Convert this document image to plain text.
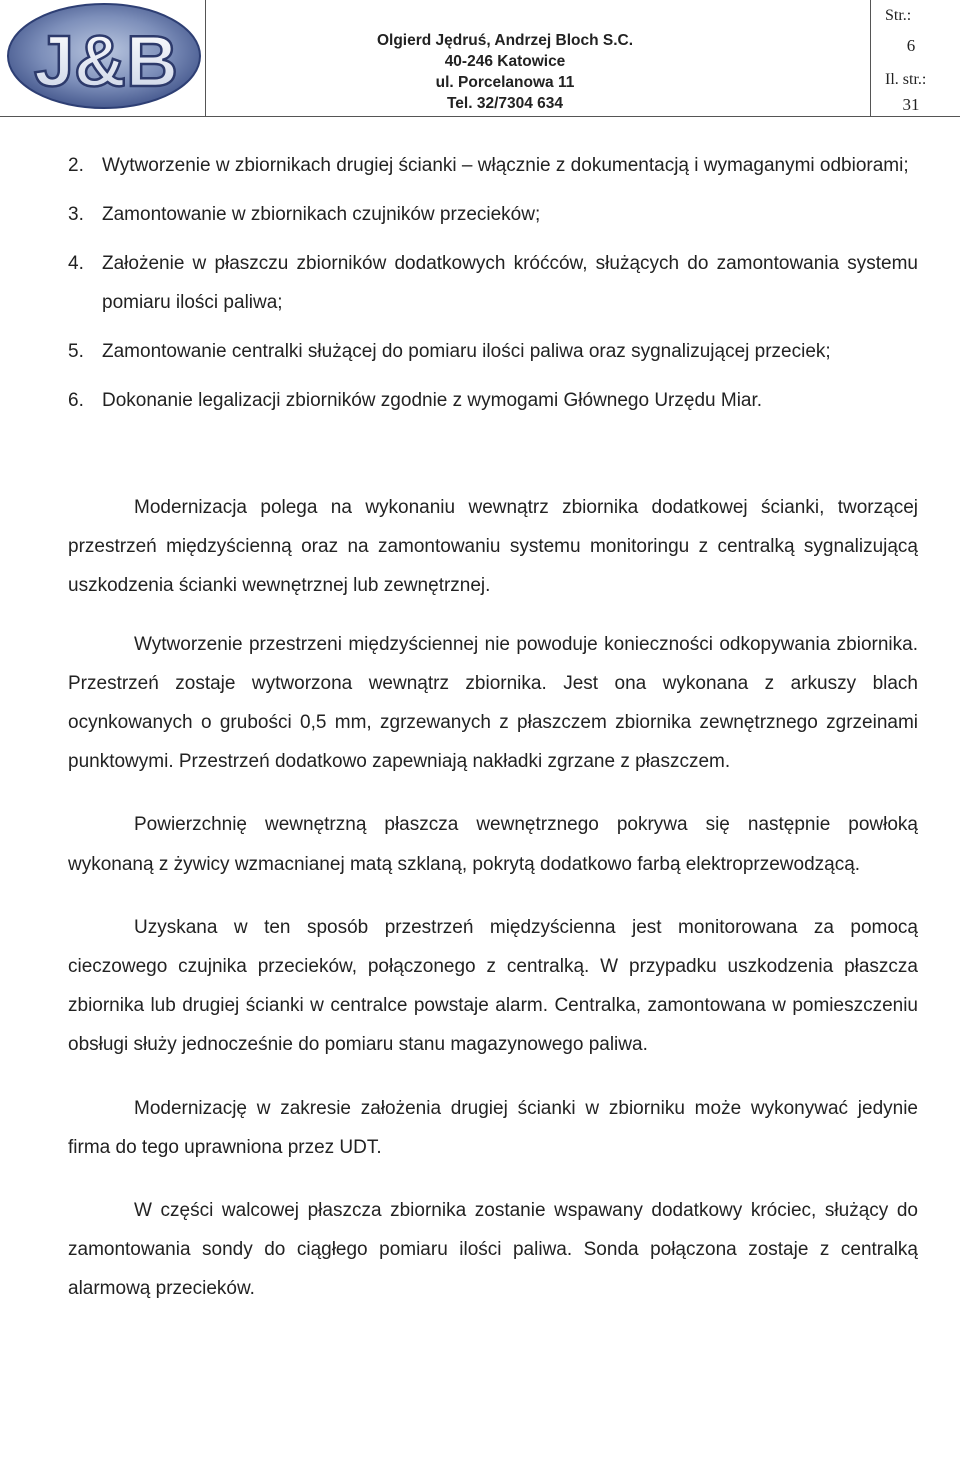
J&B	Olgierd Jędruś, Andrzej Bloch S.C.
40-246 Katowice
ul. Porcelanowa 11
Tel. 32/7304 634
Str.:
6
Il. str.:
31
2. Wytworzenie w zbiornikach drugiej ścianki – włącznie z dokumentacją i wymaganymi odbiorami;
3. Zamontowanie w zbiornikach czujników przecieków;
4. Założenie w płaszczu zbiorników dodatkowych króćców, służących do zamontowania systemu pomiaru ilości paliwa;
5. Zamontowanie centralki służącej do pomiaru ilości paliwa oraz sygnalizującej przeciek;
6. Dokonanie legalizacji zbiorników zgodnie z wymogami Głównego Urzędu Miar.

Modernizacja polega na wykonaniu wewnątrz zbiornika dodatkowej ścianki, tworzącej przestrzeń międzyścienną oraz na zamontowaniu systemu monitoringu z centralką sygnalizującą uszkodzenia ścianki wewnętrznej lub zewnętrznej.

Wytworzenie przestrzeni międzyściennej nie powoduje konieczności odkopywania zbiornika. Przestrzeń zostaje wytworzona wewnątrz zbiornika. Jest ona wykonana z arkuszy blach ocynkowanych o grubości 0,5 mm, zgrzewanych z płaszczem zbiornika zewnętrznego zgrzeinami punktowymi. Przestrzeń dodatkowo zapewniają nakładki zgrzane z płaszczem.

Powierzchnię wewnętrzną płaszcza wewnętrznego pokrywa się następnie powłoką wykonaną z żywicy wzmacnianej matą szklaną, pokrytą dodatkowo farbą elektroprzewodzącą.

Uzyskana w ten sposób przestrzeń międzyścienna jest monitorowana za pomocą cieczowego czujnika przecieków, połączonego z centralką. W przypadku uszkodzenia płaszcza zbiornika lub drugiej ścianki w centralce powstaje alarm. Centralka, zamontowana w pomieszczeniu obsługi służy jednocześnie do pomiaru stanu magazynowego paliwa.

Modernizację w zakresie założenia drugiej ścianki w zbiorniku może wykonywać jedynie firma do tego uprawniona przez UDT.

W części walcowej płaszcza zbiornika zostanie wspawany dodatkowy króciec, służący do zamontowania sondy do ciągłego pomiaru ilości paliwa. Sonda połączona zostaje z centralką alarmową przecieków.
